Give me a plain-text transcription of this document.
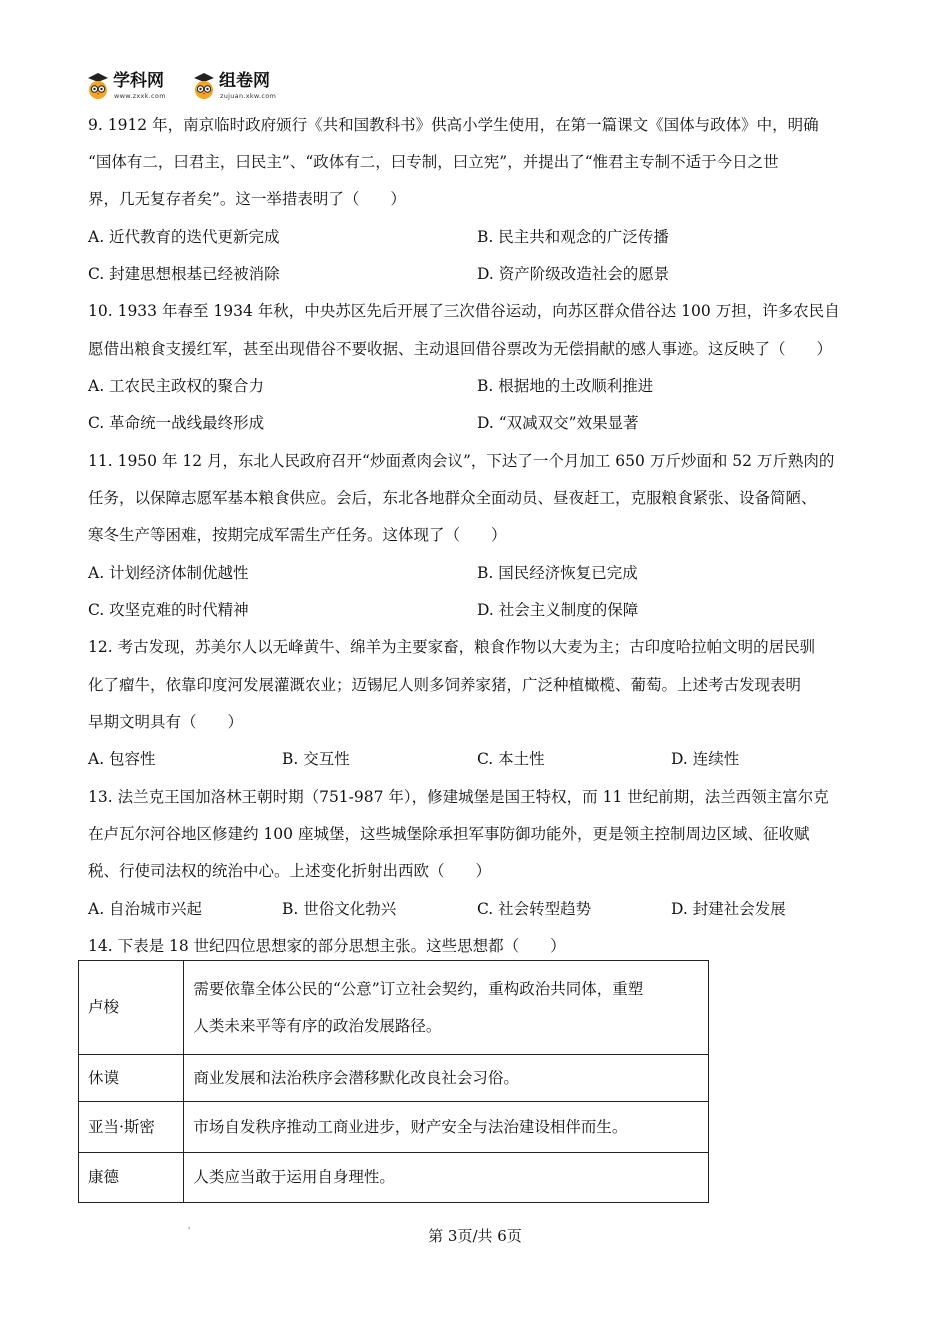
学科网
www.zxxk.com
组卷网
zujuan.xkw.com
9. 1912 年，南京临时政府颁行《共和国教科书》供高小学生使用，在第一篇课文《国体与政体》中，明确
“国体有二，曰君主，曰民主”、“政体有二，曰专制，曰立宪”，并提出了“惟君主专制不适于今日之世
界，几无复存者矣”。这一举措表明了（　　）
A. 近代教育的迭代更新完成	B. 民主共和观念的广泛传播
C. 封建思想根基已经被消除	D. 资产阶级改造社会的愿景
10. 1933 年春至 1934 年秋，中央苏区先后开展了三次借谷运动，向苏区群众借谷达 100 万担，许多农民自
愿借出粮食支援红军，甚至出现借谷不要收据、主动退回借谷票改为无偿捐献的感人事迹。这反映了（　　）
A. 工农民主政权的聚合力	B. 根据地的土改顺利推进
C. 革命统一战线最终形成	D. “双减双交”效果显著
11. 1950 年 12 月，东北人民政府召开“炒面煮肉会议”，下达了一个月加工 650 万斤炒面和 52 万斤熟肉的
任务，以保障志愿军基本粮食供应。会后，东北各地群众全面动员、昼夜赶工，克服粮食紧张、设备简陋、
寒冬生产等困难，按期完成军需生产任务。这体现了（　　）
A. 计划经济体制优越性	B. 国民经济恢复已完成
C. 攻坚克难的时代精神	D. 社会主义制度的保障
12. 考古发现，苏美尔人以无峰黄牛、绵羊为主要家畜，粮食作物以大麦为主；古印度哈拉帕文明的居民驯
化了瘤牛，依靠印度河发展灌溉农业；迈锡尼人则多饲养家猪，广泛种植橄榄、葡萄。上述考古发现表明
早期文明具有（　　）
A. 包容性	B. 交互性	C. 本土性	D. 连续性
13. 法兰克王国加洛林王朝时期（751-987 年），修建城堡是国王特权，而 11 世纪前期，法兰西领主富尔克
在卢瓦尔河谷地区修建约 100 座城堡，这些城堡除承担军事防御功能外，更是领主控制周边区域、征收赋
税、行使司法权的统治中心。上述变化折射出西欧（　　）
A. 自治城市兴起	B. 世俗文化勃兴	C. 社会转型趋势	D. 封建社会发展
14. 下表是 18 世纪四位思想家的部分思想主张。这些思想都（　　）
卢梭	需要依靠全体公民的“公意”订立社会契约，重构政治共同体，重塑
人类未来平等有序的政治发展路径。

休谟	商业发展和法治秩序会潜移默化改良社会习俗。

亚当·斯密	市场自发秩序推动工商业进步，财产安全与法治建设相伴而生。

康德	人类应当敢于运用自身理性。
'	第 3页/共 6页
